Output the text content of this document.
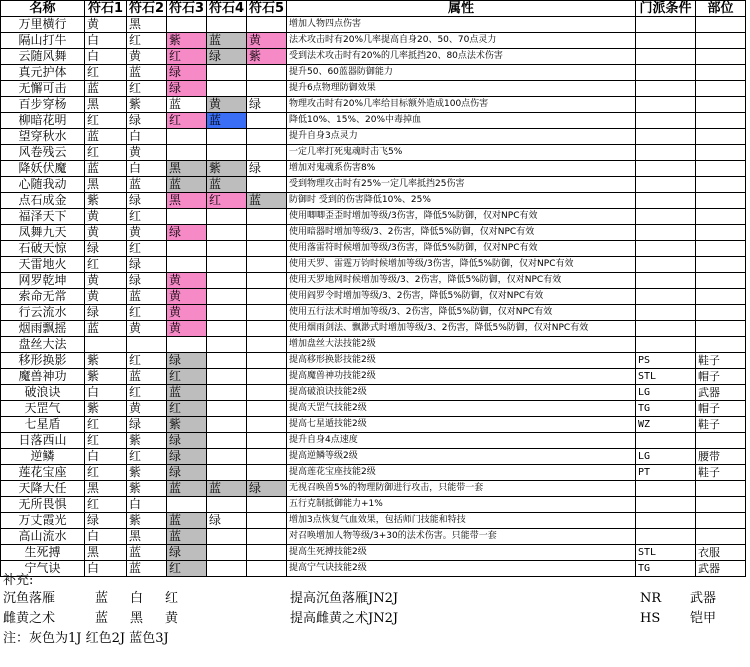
名称	符石1	符石2	符石3	符石4	符石5	属性	门派条件	部位
万里横行	黄	黑				增加人物四点伤害		
隔山打牛	白	红	紫	蓝	黄	法术攻击时有20%几率提高自身20、50、70点灵力		
云随风舞	白	黄	红	绿	紫	受到法术攻击时有20%的几率抵挡20、80点法术伤害		
真元护体	红	蓝	绿			提升50、60蓝器防御能力		
无懈可击	蓝	红	绿			提升6点物理防御效果		
百步穿杨	黑	紫	蓝	黄	绿	物理攻击时有20%几率给目标额外造成100点伤害		
柳暗花明	红	绿	红	蓝		降低10%、15%、20%中毒掉血		
望穿秋水	蓝	白				提升自身3点灵力		
风卷残云	红	黄				一定几率打死鬼魂时击飞5%		
降妖伏魔	蓝	白	黑	紫	绿	增加对鬼魂系伤害8%		
心随我动	黑	蓝	蓝	蓝		受到物理攻击时有25%一定几率抵挡25伤害		
点石成金	紫	绿	黑	红	蓝	防御时 受到的伤害降低10%、25%		
福泽天下	黄	红				使用唧唧歪歪时增加等级/3伤害，降低5%防御，仅对NPC有效		
凤舞九天	黄	黄	绿			使用暗器时增加等级/3、2伤害，降低5%防御，仅对NPC有效		
石破天惊	绿	红				使用落雷符时候增加等级/3伤害，降低5%防御，仅对NPC有效		
天雷地火	红	绿				使用天罗、雷霆万钧时候增加等级/3伤害，降低5%防御，仅对NPC有效		
网罗乾坤	黄	绿	黄			使用天罗地网时候增加等级/3、2伤害，降低5%防御，仅对NPC有效		
索命无常	黄	蓝	黄			使用阎罗令时增加等级/3、2伤害，降低5%防御，仅对NPC有效		
行云流水	绿	红	黄			使用五行法术时增加等级/3、2伤害，降低5%防御，仅对NPC有效		
烟雨飘摇	蓝	黄	黄			使用烟雨剑法、飘渺式时增加等级/3、2伤害，降低5%防御，仅对NPC有效		
盘丝大法						增加盘丝大法技能2级		
移形换影	紫	红	绿			提高移形换影技能2级	PS	鞋子
魔兽神功	紫	蓝	红			提高魔兽神功技能2级	STL	帽子
破浪诀	白	红	蓝			提高破浪诀技能2级	LG	武器
天罡气	紫	黄	红			提高天罡气技能2级	TG	帽子
七星盾	红	绿	紫			提高七星遁技能2级	WZ	鞋子
日落西山	红	紫	绿			提升自身4点速度		
逆鳞	白	红	绿			提高逆鳞等级2级	LG	腰带
莲花宝座	红	紫	绿			提高莲花宝座技能2级	PT	鞋子
天降大任	黑	紫	蓝	蓝	绿	无视召唤兽5%的物理防御进行攻击，只能带一套		
无所畏惧	红	白				五行克制抵御能力+1%		
万丈霞光	绿	紫	蓝	绿		增加3点恢复气血效果，包括师门技能和特技		
高山流水	白	黑	蓝			对召唤增加人物等级/3+30的法术伤害。只能带一套		
生死搏	黑	蓝	绿			提高生死搏技能2级	STL	衣服
宁气诀	白	蓝	红			提高宁气诀技能2级	TG	武器
补充:
沉鱼落雁	蓝 白 红	提高沉鱼落雁JN2J	NR 武器
雌黄之术	蓝 黑 黄	提高雌黄之术JN2J	HS 铠甲
注：灰色为1J 红色2J 蓝色3J
